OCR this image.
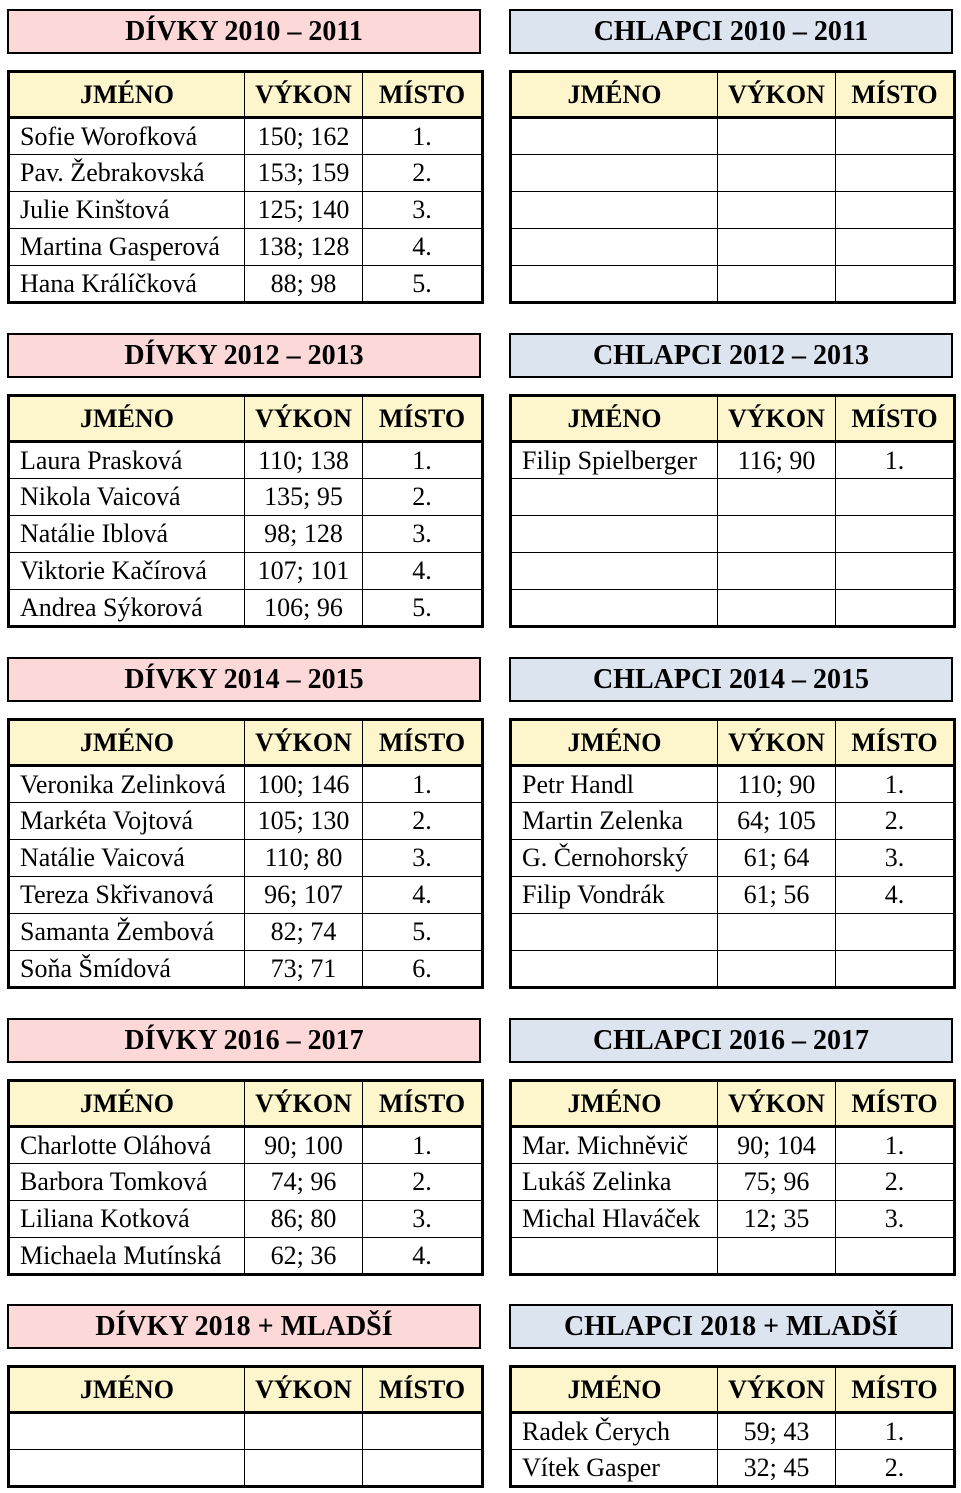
DÍVKY 2010 – 2011
JMÉNO	VÝKON	MÍSTO
Sofie Worofková	150; 162	1.
Pav. Žebrakovská	153; 159	2.
Julie Kinštová	125; 140	3.
Martina Gasperová	138; 128	4.
Hana Králíčková	88; 98	5.
DÍVKY 2012 – 2013
JMÉNO	VÝKON	MÍSTO
Laura Prasková	110; 138	1.
Nikola Vaicová	135; 95	2.
Natálie Iblová	98; 128	3.
Viktorie Kačírová	107; 101	4.
Andrea Sýkorová	106; 96	5.
DÍVKY 2014 – 2015
JMÉNO	VÝKON	MÍSTO
Veronika Zelinková	100; 146	1.
Markéta Vojtová	105; 130	2.
Natálie Vaicová	110; 80	3.
Tereza Skřivanová	96; 107	4.
Samanta Žembová	82; 74	5.
Soňa Šmídová	73; 71	6.
DÍVKY 2016 – 2017
JMÉNO	VÝKON	MÍSTO
Charlotte Oláhová	90; 100	1.
Barbora Tomková	74; 96	2.
Liliana Kotková	86; 80	3.
Michaela Mutínská	62; 36	4.
DÍVKY 2018 + MLADŠÍ
JMÉNO	VÝKON	MÍSTO

CHLAPCI 2010 – 2011
JMÉNO	VÝKON	MÍSTO

CHLAPCI 2012 – 2013
JMÉNO	VÝKON	MÍSTO
Filip Spielberger	116; 90	1.

CHLAPCI 2014 – 2015
JMÉNO	VÝKON	MÍSTO
Petr Handl	110; 90	1.
Martin Zelenka	64; 105	2.
G. Černohorský	61; 64	3.
Filip Vondrák	61; 56	4.

CHLAPCI 2016 – 2017
JMÉNO	VÝKON	MÍSTO
Mar. Michněvič	90; 104	1.
Lukáš Zelinka	75; 96	2.
Michal Hlaváček	12; 35	3.

CHLAPCI 2018 + MLADŠÍ
JMÉNO	VÝKON	MÍSTO
Radek Čerych	59; 43	1.
Vítek Gasper	32; 45	2.
